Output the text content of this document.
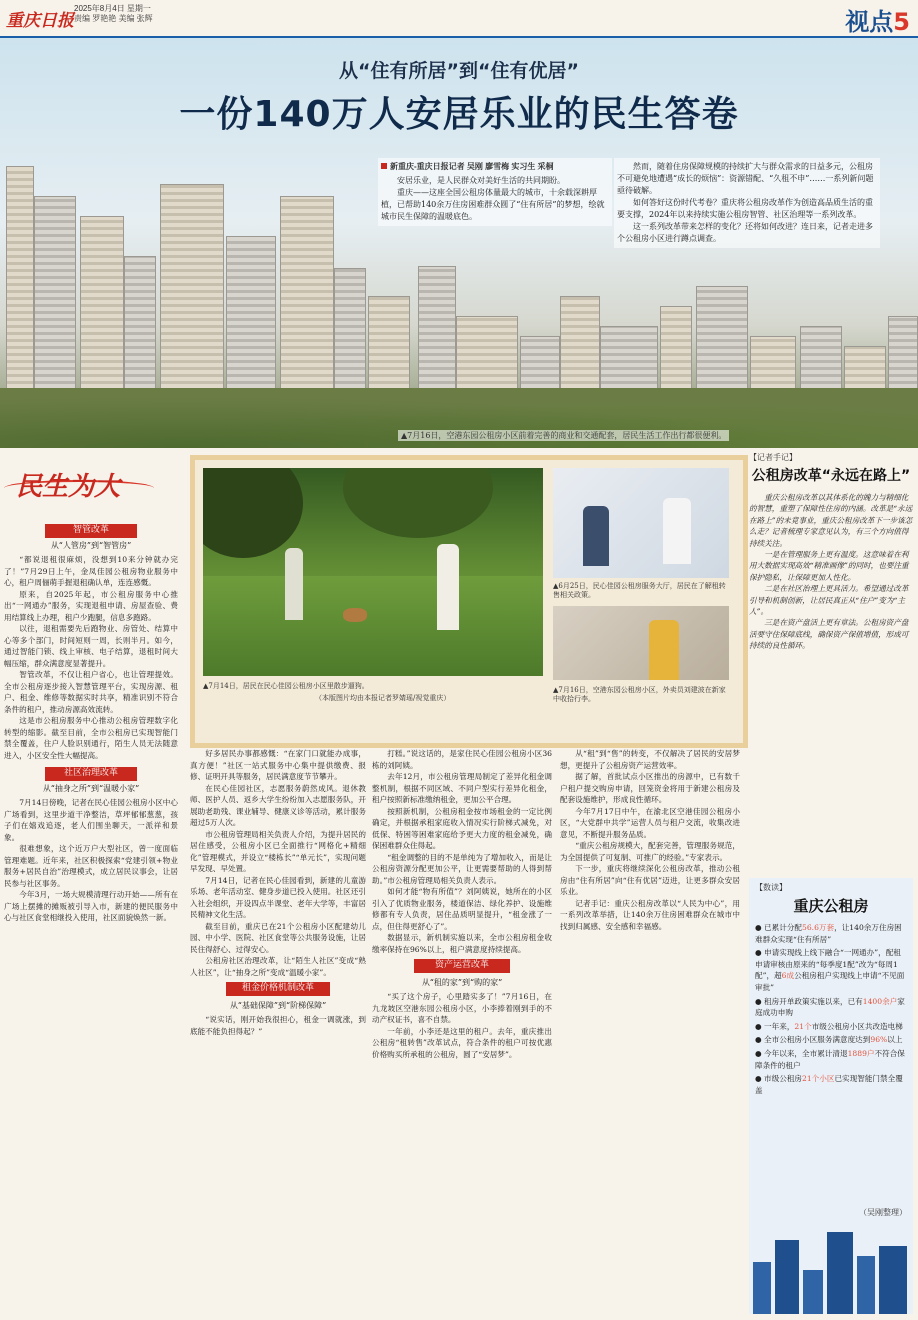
重庆日报
2025年8月4日 星期一
责编 罗艳艳 美编 张辉	视点5
从“住有所居”到“住有优居”
一份140万人安居乐业的民生答卷
新重庆-重庆日报记者 吴刚 廖雪梅 实习生 采桐

安居乐业，是人民群众对美好生活的共同期盼。

重庆——这座全国公租房体量最大的城市，十余载深耕厚植，已帮助140余万住房困难群众圆了“住有所居”的梦想，绘就城市民生保障的温暖底色。

然而，随着住房保障规模的持续扩大与群众需求的日益多元，公租房不可避免地遭遇“成长的烦恼”：资源错配、“久租不申”……一系列新问题亟待破解。

如何答好这份时代考卷？重庆将公租房改革作为创造高品质生活的重要支撑，2024年以来持续实施公租房智管、社区治理等一系列改革。

这一系列改革带来怎样的变化？还将如何改进？连日来，记者走进多个公租房小区进行蹲点调查。

▲7月16日，空港东园公租房小区前着完善的商业和交通配套，居民生活工作出行都很便利。
民生为大
智管改革
从“人管房”到“智管房”

“都说退租很麻烦，没想到10来分钟就办完了！”7月29日上午，金凤佳园公租房物业服务中心，租户周俪萌手握退租确认单，连连感慨。

原来，自2025年起，市公租房服务中心推出“一网通办”服务，实现退租申请、房屋查验、费用结算线上办理，租户少跑腿，信息多跑路。

以往，退租需要先后跑物业、房管处、结算中心等多个部门，时间短则一周，长则半月。如今，通过智能门锁、线上审核、电子结算，退租时间大幅压缩，群众满意度显著提升。

智管改革，不仅让租户省心，也让管理提效。全市公租房逐步接入智慧管理平台，实现房源、租户、租金、维修等数据实时共享，精准识别不符合条件的租户，推动房源高效流转。

这是市公租房服务中心推动公租房管理数字化转型的缩影。截至目前，全市公租房已实现智能门禁全覆盖，住户人脸识别通行，陌生人员无法随意进入，小区安全性大幅提高。

社区治理改革
从“抽身之所”到“温暖小家”

7月14日傍晚，记者在民心佳园公租房小区中心广场看到，这里步道干净整洁，草坪郁郁葱葱，孩子们在嬉戏追逐，老人们围坐聊天，一派祥和景象。

很难想象，这个近万户大型社区，曾一度面临管理难题。近年来，社区积极探索“党建引领+物业服务+居民自治”治理模式，成立居民议事会，让居民参与社区事务。

今年3月，一场大规模清理行动开始——所有在广场上摆摊的摊贩被引导入市，新建的便民服务中心与社区食堂相继投入使用，社区面貌焕然一新。

▲7月14日，居民在民心佳园公租房小区里散步遛狗。
（本版图片均由本报记者罗婧瑶/视觉重庆）
▲6月25日，民心佳园公租房服务大厅，居民在了解租转售相关政策。
▲7月16日，空港东园公租房小区，外卖员刘建波在新家中收拾行李。

好多居民办事都感慨：“在家门口就能办成事，真方便！”社区一站式服务中心集中提供缴费、报修、证明开具等服务，居民满意度节节攀升。

在民心佳园社区，志愿服务蔚然成风。退休教师、医护人员、返乡大学生纷纷加入志愿服务队，开展助老助残、课业辅导、健康义诊等活动，累计服务超过5万人次。

市公租房管理局相关负责人介绍，为提升居民的居住感受，公租房小区已全面推行“网格化+精细化”管理模式，并设立“楼栋长”“单元长”，实现问题早发现、早处置。

7月14日，记者在民心佳园看到，新建的儿童游乐场、老年活动室、健身步道已投入使用。社区还引入社会组织，开设四点半课堂、老年大学等，丰富居民精神文化生活。

截至目前，重庆已在21个公租房小区配建幼儿园、中小学、医院、社区食堂等公共服务设施，让居民住得舒心、过得安心。

公租房社区治理改革，让“陌生人社区”变成“熟人社区”，让“抽身之所”变成“温暖小家”。

租金价格机制改革
从“基础保障”到“阶梯保障”

“说实话，刚开始我很担心，租金一调就涨，到底能不能负担得起？”

打糕。”说这话的，是家住民心佳园公租房小区36栋的刘阿姨。

去年12月，市公租房管理局制定了差异化租金调整机制，根据不同区域、不同户型实行差异化租金，租户按照新标准缴纳租金，更加公平合理。

按照新机制，公租房租金按市场租金的一定比例确定，并根据承租家庭收入情况实行阶梯式减免，对低保、特困等困难家庭给予更大力度的租金减免，确保困难群众住得起。

“租金调整的目的不是单纯为了增加收入，而是让公租房资源分配更加公平，让更需要帮助的人得到帮助。”市公租房管理局相关负责人表示。

如何才能“物有所值”？刘阿姨说，她所在的小区引入了优质物业服务，楼道保洁、绿化养护、设施维修都有专人负责，居住品质明显提升，“租金涨了一点，但住得更舒心了”。

数据显示，新机制实施以来，全市公租房租金收缴率保持在96%以上，租户满意度持续提高。

资产运营改革
从“租的家”到“购的家”

“买了这个房子，心里踏实多了！”7月16日，在九龙坡区空港东园公租房小区，小李捧着刚到手的不动产权证书，喜不自禁。

一年前，小李还是这里的租户。去年，重庆推出公租房“租转售”改革试点，符合条件的租户可按优惠价格购买所承租的公租房，圆了“安居梦”。

从“租”到“售”的转变，不仅解决了居民的安居梦想，更提升了公租房资产运营效率。

据了解，首批试点小区推出的房源中，已有数千户租户提交购房申请，回笼资金将用于新建公租房及配套设施维护，形成良性循环。

今年7月17日中午，在渝北区空港佳园公租房小区，“大党群中共学”运营人员与租户交流，收集改进意见，不断提升服务品质。

“重庆公租房规模大，配套完善，管理服务规范，为全国提供了可复制、可推广的经验。”专家表示。

下一步，重庆将继续深化公租房改革，推动公租房由“住有所居”向“住有优居”迈进，让更多群众安居乐业。

记者手记：重庆公租房改革以“人民为中心”，用一系列改革举措，让140余万住房困难群众在城市中找到归属感、安全感和幸福感。

【记者手记】
公租房改革“永远在路上”

重庆公租房改革以其体系化的魄力与精细化的智慧，重塑了保障性住房的内涵。改革是“永远在路上”的未竟事业，重庆公租房改革下一步该怎么走？记者梳理专家意见认为，有三个方向值得持续关注。

一是在管理服务上更有温度。这意味着在利用大数据实现高效“精准画像”的同时，也要注重保护隐私，让保障更加人性化。

二是在社区治理上更具活力。希望通过改革引导和机制创新，让居民真正从“住户”变为“主人”。

三是在资产盘活上更有章法。公租房资产盘活要守住保障底线，确保资产保值增值，形成可持续的良性循环。

【数读】
重庆公租房

● 已累计分配56.6万套，让140余万住房困难群众实现“住有所居”

● 申请实现线上线下融合“一网通办”，配租申请审核由原来的“每季度1配”改为“每周1配”，超6成公租房租户实现线上申请“不见面审批”

● 租房开单政策实施以来，已有1400余户家庭成功申购

● 一年来，21个市级公租房小区共改造电梯

● 全市公租房小区服务满意度达到96%以上

● 今年以来，全市累计清退1889户不符合保障条件的租户

● 市级公租房21个小区已实现智能门禁全覆盖

（吴刚整理）
